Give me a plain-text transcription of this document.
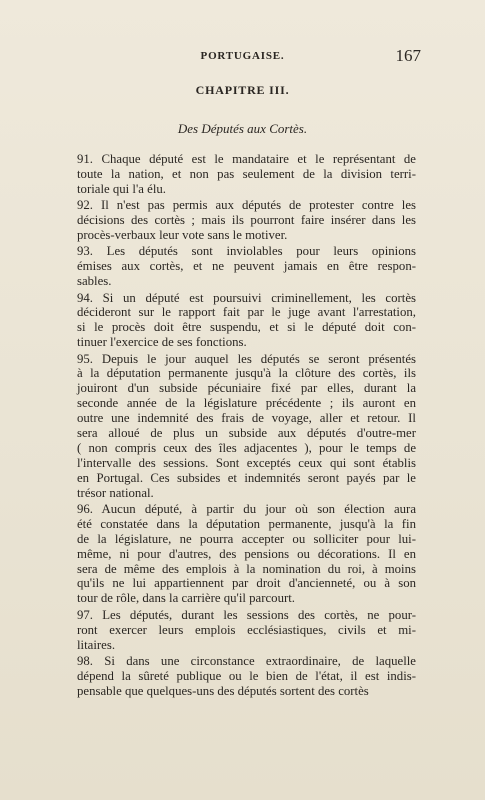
PORTUGAISE.	167
CHAPITRE III.
Des Députés aux Cortès.
91. Chaque député est le mandataire et le représentant de
toute la nation, et non pas seulement de la division terri-
toriale qui l'a élu.
92. Il n'est pas permis aux députés de protester contre les
décisions des cortès ; mais ils pourront faire insérer dans les
procès-verbaux leur vote sans le motiver.
93. Les députés sont inviolables pour leurs opinions
émises aux cortès, et ne peuvent jamais en être respon-
sables.
94. Si un député est poursuivi criminellement, les cortès
décideront sur le rapport fait par le juge avant l'arrestation,
si le procès doit être suspendu, et si le député doit con-
tinuer l'exercice de ses fonctions.
95. Depuis le jour auquel les députés se seront présentés
à la députation permanente jusqu'à la clôture des cortès, ils
jouiront d'un subside pécuniaire fixé par elles, durant la
seconde année de la législature précédente ; ils auront en
outre une indemnité des frais de voyage, aller et retour. Il
sera alloué de plus un subside aux députés d'outre-mer
( non compris ceux des îles adjacentes ), pour le temps de
l'intervalle des sessions. Sont exceptés ceux qui sont établis
en Portugal. Ces subsides et indemnités seront payés par le
trésor national.
96. Aucun député, à partir du jour où son élection aura
été constatée dans la députation permanente, jusqu'à la fin
de la législature, ne pourra accepter ou solliciter pour lui-
même, ni pour d'autres, des pensions ou décorations. Il en
sera de même des emplois à la nomination du roi, à moins
qu'ils ne lui appartiennent par droit d'ancienneté, ou à son
tour de rôle, dans la carrière qu'il parcourt.
97. Les députés, durant les sessions des cortès, ne pour-
ront exercer leurs emplois ecclésiastiques, civils et mi-
litaires.
98. Si dans une circonstance extraordinaire, de laquelle
dépend la sûreté publique ou le bien de l'état, il est indis-
pensable que quelques-uns des députés sortent des cortès
